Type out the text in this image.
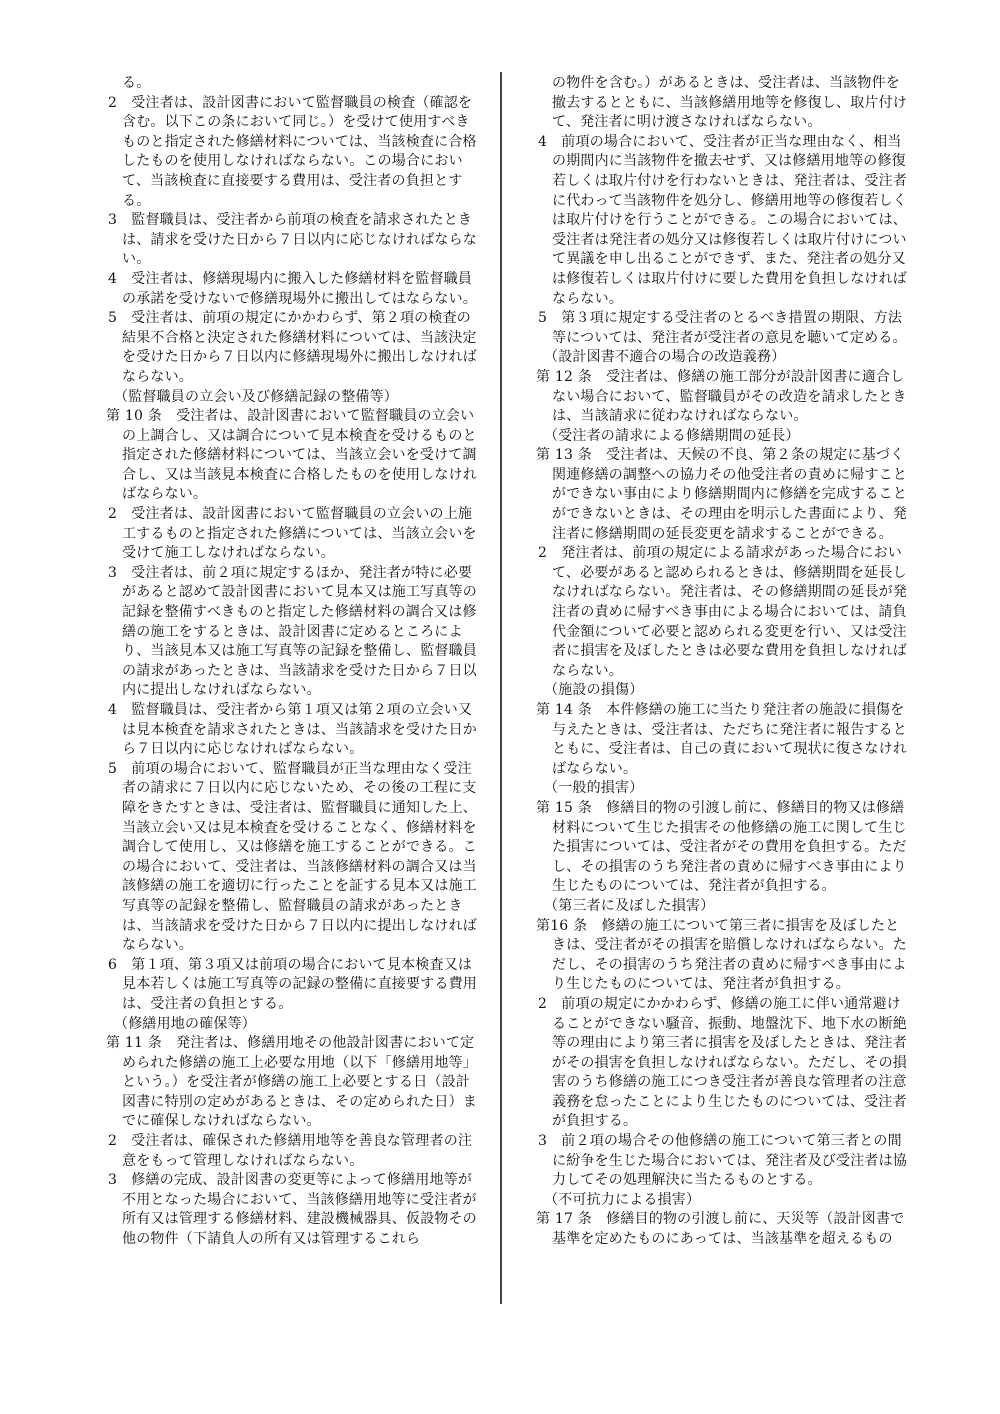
る。

2　受注者は、設計図書において監督職員の検査（確認を含む。以下この条において同じ。）を受けて使用すべきものと指定された修繕材料については、当該検査に合格したものを使用しなければならない。この場合において、当該検査に直接要する費用は、受注者の負担とする。

3　監督職員は、受注者から前項の検査を請求されたときは、請求を受けた日から７日以内に応じなければならない。

4　受注者は、修繕現場内に搬入した修繕材料を監督職員の承諾を受けないで修繕現場外に搬出してはならない。

5　受注者は、前項の規定にかかわらず、第２項の検査の結果不合格と決定された修繕材料については、当該決定を受けた日から７日以内に修繕現場外に搬出しなければならない。

（監督職員の立会い及び修繕記録の整備等）

第 10 条　受注者は、設計図書において監督職員の立会いの上調合し、又は調合について見本検査を受けるものと指定された修繕材料については、当該立会いを受けて調合し、又は当該見本検査に合格したものを使用しなければならない。

2　受注者は、設計図書において監督職員の立会いの上施工するものと指定された修繕については、当該立会いを受けて施工しなければならない。

3　受注者は、前２項に規定するほか、発注者が特に必要があると認めて設計図書において見本又は施工写真等の記録を整備すべきものと指定した修繕材料の調合又は修繕の施工をするときは、設計図書に定めるところにより、当該見本又は施工写真等の記録を整備し、監督職員の請求があったときは、当該請求を受けた日から７日以内に提出しなければならない。

4　監督職員は、受注者から第１項又は第２項の立会い又は見本検査を請求されたときは、当該請求を受けた日から７日以内に応じなければならない。

5　前項の場合において、監督職員が正当な理由なく受注者の請求に７日以内に応じないため、その後の工程に支障をきたすときは、受注者は、監督職員に通知した上、当該立会い又は見本検査を受けることなく、修繕材料を調合して使用し、又は修繕を施工することができる。この場合において、受注者は、当該修繕材料の調合又は当該修繕の施工を適切に行ったことを証する見本又は施工写真等の記録を整備し、監督職員の請求があったときは、当該請求を受けた日から７日以内に提出しなければならない。

6　第１項、第３項又は前項の場合において見本検査又は見本若しくは施工写真等の記録の整備に直接要する費用は、受注者の負担とする。

（修繕用地の確保等）

第 11 条　発注者は、修繕用地その他設計図書において定められた修繕の施工上必要な用地（以下「修繕用地等」という。）を受注者が修繕の施工上必要とする日（設計図書に特別の定めがあるときは、その定められた日）までに確保しなければならない。

2　受注者は、確保された修繕用地等を善良な管理者の注意をもって管理しなければならない。

3　修繕の完成、設計図書の変更等によって修繕用地等が不用となった場合において、当該修繕用地等に受注者が所有又は管理する修繕材料、建設機械器具、仮設物その他の物件（下請負人の所有又は管理するこれら

の物件を含む。）があるときは、受注者は、当該物件を撤去するとともに、当該修繕用地等を修復し、取片付けて、発注者に明け渡さなければならない。

4　前項の場合において、受注者が正当な理由なく、相当の期間内に当該物件を撤去せず、又は修繕用地等の修復若しくは取片付けを行わないときは、発注者は、受注者に代わって当該物件を処分し、修繕用地等の修復若しくは取片付けを行うことができる。この場合においては、受注者は発注者の処分又は修復若しくは取片付けについて異議を申し出ることができず、また、発注者の処分又は修復若しくは取片付けに要した費用を負担しなければならない。

5　第３項に規定する受注者のとるべき措置の期限、方法等については、発注者が受注者の意見を聴いて定める。

（設計図書不適合の場合の改造義務）

第 12 条　受注者は、修繕の施工部分が設計図書に適合しない場合において、監督職員がその改造を請求したときは、当該請求に従わなければならない。

（受注者の請求による修繕期間の延長）

第 13 条　受注者は、天候の不良、第２条の規定に基づく関連修繕の調整への協力その他受注者の責めに帰すことができない事由により修繕期間内に修繕を完成することができないときは、その理由を明示した書面により、発注者に修繕期間の延長変更を請求することができる。

2　発注者は、前項の規定による請求があった場合において、必要があると認められるときは、修繕期間を延長しなければならない。発注者は、その修繕期間の延長が発注者の責めに帰すべき事由による場合においては、請負代金額について必要と認められる変更を行い、又は受注者に損害を及ぼしたときは必要な費用を負担しなければならない。

（施設の損傷）

第 14 条　本件修繕の施工に当たり発注者の施設に損傷を与えたときは、受注者は、ただちに発注者に報告するとともに、受注者は、自己の責において現状に復さなければならない。

（一般的損害）

第 15 条　修繕目的物の引渡し前に、修繕目的物又は修繕材料について生じた損害その他修繕の施工に関して生じた損害については、受注者がその費用を負担する。ただし、その損害のうち発注者の責めに帰すべき事由により生じたものについては、発注者が負担する。

（第三者に及ぼした損害）

第16 条　修繕の施工について第三者に損害を及ぼしたときは、受注者がその損害を賠償しなければならない。ただし、その損害のうち発注者の責めに帰すべき事由により生じたものについては、発注者が負担する。

2　前項の規定にかかわらず、修繕の施工に伴い通常避けることができない騒音、振動、地盤沈下、地下水の断絶等の理由により第三者に損害を及ぼしたときは、発注者がその損害を負担しなければならない。ただし、その損害のうち修繕の施工につき受注者が善良な管理者の注意義務を怠ったことにより生じたものについては、受注者が負担する。

3　前２項の場合その他修繕の施工について第三者との間に紛争を生じた場合においては、発注者及び受注者は協力してその処理解決に当たるものとする。

（不可抗力による損害）

第 17 条　修繕目的物の引渡し前に、天災等（設計図書で基準を定めたものにあっては、当該基準を超えるもの
